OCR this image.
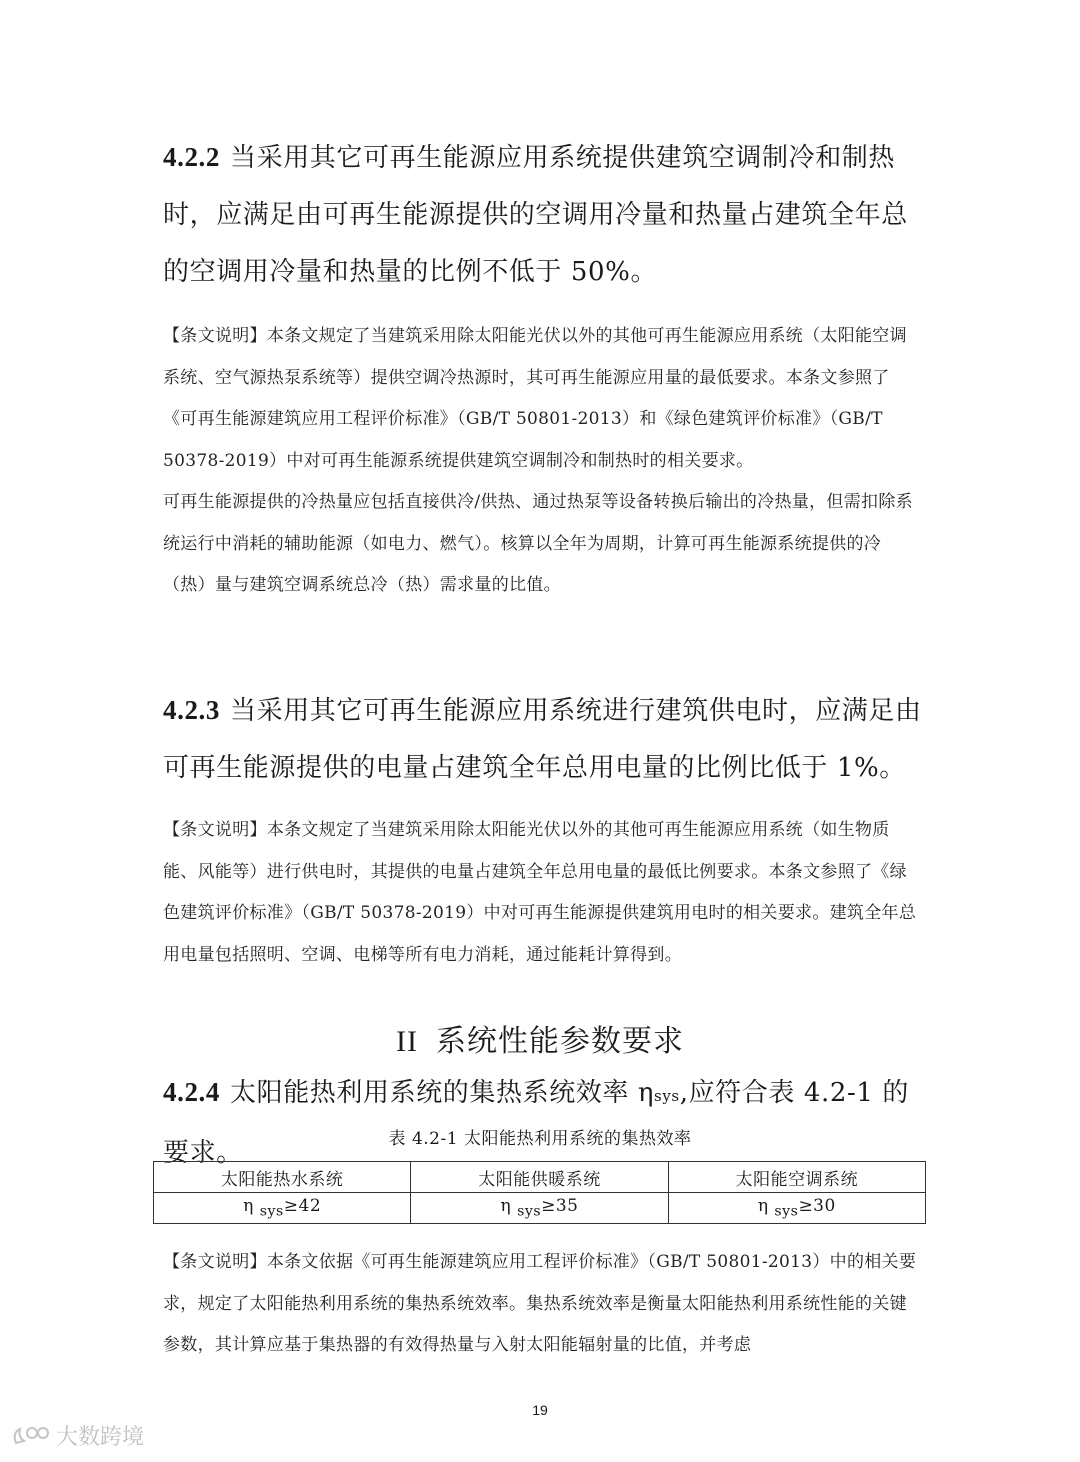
4.2.2 当采用其它可再生能源应用系统提供建筑空调制冷和制热时，应满足由可再生能源提供的空调用冷量和热量占建筑全年总的空调用冷量和热量的比例不低于 50%。
【条文说明】本条文规定了当建筑采用除太阳能光伏以外的其他可再生能源应用系统（太阳能空调系统、空气源热泵系统等）提供空调冷热源时，其可再生能源应用量的最低要求。本条文参照了《可再生能源建筑应用工程评价标准》（GB/T 50801-2013）和《绿色建筑评价标准》（GB/T 50378-2019）中对可再生能源系统提供建筑空调制冷和制热时的相关要求。
可再生能源提供的冷热量应包括直接供冷/供热、通过热泵等设备转换后输出的冷热量，但需扣除系统运行中消耗的辅助能源（如电力、燃气）。核算以全年为周期，计算可再生能源系统提供的冷（热）量与建筑空调系统总冷（热）需求量的比值。
4.2.3 当采用其它可再生能源应用系统进行建筑供电时，应满足由可再生能源提供的电量占建筑全年总用电量的比例比低于 1%。
【条文说明】本条文规定了当建筑采用除太阳能光伏以外的其他可再生能源应用系统（如生物质能、风能等）进行供电时，其提供的电量占建筑全年总用电量的最低比例要求。本条文参照了《绿色建筑评价标准》（GB/T 50378-2019）中对可再生能源提供建筑用电时的相关要求。建筑全年总用电量包括照明、空调、电梯等所有电力消耗，通过能耗计算得到。
II 系统性能参数要求
4.2.4 太阳能热利用系统的集热系统效率 ηsys,应符合表 4.2-1 的要求。	表 4.2-1 太阳能热利用系统的集热效率
太阳能热水系统	太阳能供暖系统	太阳能空调系统
η $_{sys}$≥42	η $_{sys}$≥35	η $_{sys}$≥30
【条文说明】本条文依据《可再生能源建筑应用工程评价标准》（GB/T 50801-2013）中的相关要求，规定了太阳能热利用系统的集热系统效率。集热系统效率是衡量太阳能热利用系统性能的关键参数，其计算应基于集热器的有效得热量与入射太阳能辐射量的比值，并考虑
19
大数跨境
